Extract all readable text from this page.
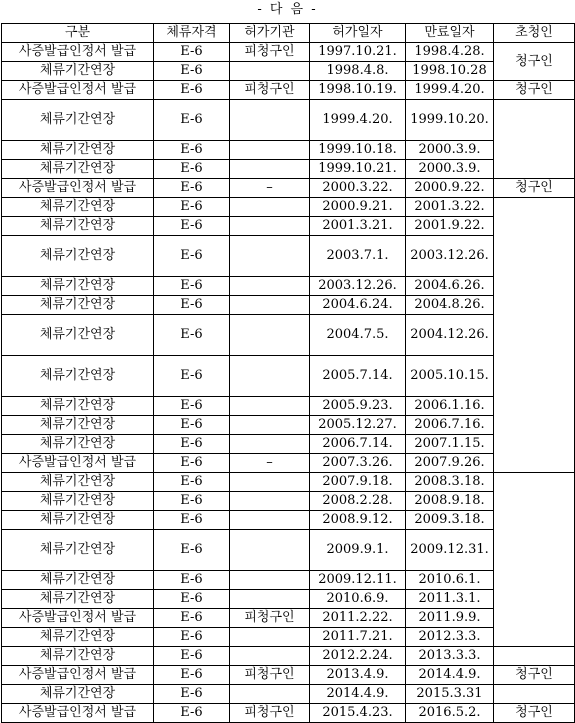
- 다 음 -
구분	체류자격	허가기관	허가일자	만료일자	초청인	
사증발급인정서 발급	E-6	피청구인	1997.10.21.	1998.4.28.	청구인	
체류기간연장	E-6		1998.4.8.	1998.10.28		
사증발급인정서 발급	E-6	피청구인	1998.10.19.	1999.4.20.	청구인	
체류기간연장	E-6		1999.4.20.	1999.10.20.		
체류기간연장	E-6		1999.10.18.	2000.3.9.		
체류기간연장	E-6		1999.10.21.	2000.3.9.		
사증발급인정서 발급	E-6	–	2000.3.22.	2000.9.22.	청구인	
체류기간연장	E-6		2000.9.21.	2001.3.22.		
체류기간연장	E-6		2001.3.21.	2001.9.22.		
체류기간연장	E-6		2003.7.1.	2003.12.26.		
체류기간연장	E-6		2003.12.26.	2004.6.26.		
체류기간연장	E-6		2004.6.24.	2004.8.26.		
체류기간연장	E-6		2004.7.5.	2004.12.26.		
체류기간연장	E-6		2005.7.14.	2005.10.15.		
체류기간연장	E-6		2005.9.23.	2006.1.16.		
체류기간연장	E-6		2005.12.27.	2006.7.16.		
체류기간연장	E-6		2006.7.14.	2007.1.15.		
사증발급인정서 발급	E-6	–	2007.3.26.	2007.9.26.	
체류기간연장	E-6		2007.9.18.	2008.3.18.		
체류기간연장	E-6		2008.2.28.	2008.9.18.		
체류기간연장	E-6		2008.9.12.	2009.3.18.		
체류기간연장	E-6		2009.9.1.	2009.12.31.		
체류기간연장	E-6		2009.12.11.	2010.6.1.		
체류기간연장	E-6		2010.6.9.	2011.3.1.		
사증발급인정서 발급	E-6	피청구인	2011.2.22.	2011.9.9.	
체류기간연장	E-6		2011.7.21.	2012.3.3.		
체류기간연장	E-6		2012.2.24.	2013.3.3.		
사증발급인정서 발급	E-6	피청구인	2013.4.9.	2014.4.9.	청구인	
체류기간연장	E-6		2014.4.9.	2015.3.31		
사증발급인정서 발급	E-6	피청구인	2015.4.23.	2016.5.2.	청구인	
